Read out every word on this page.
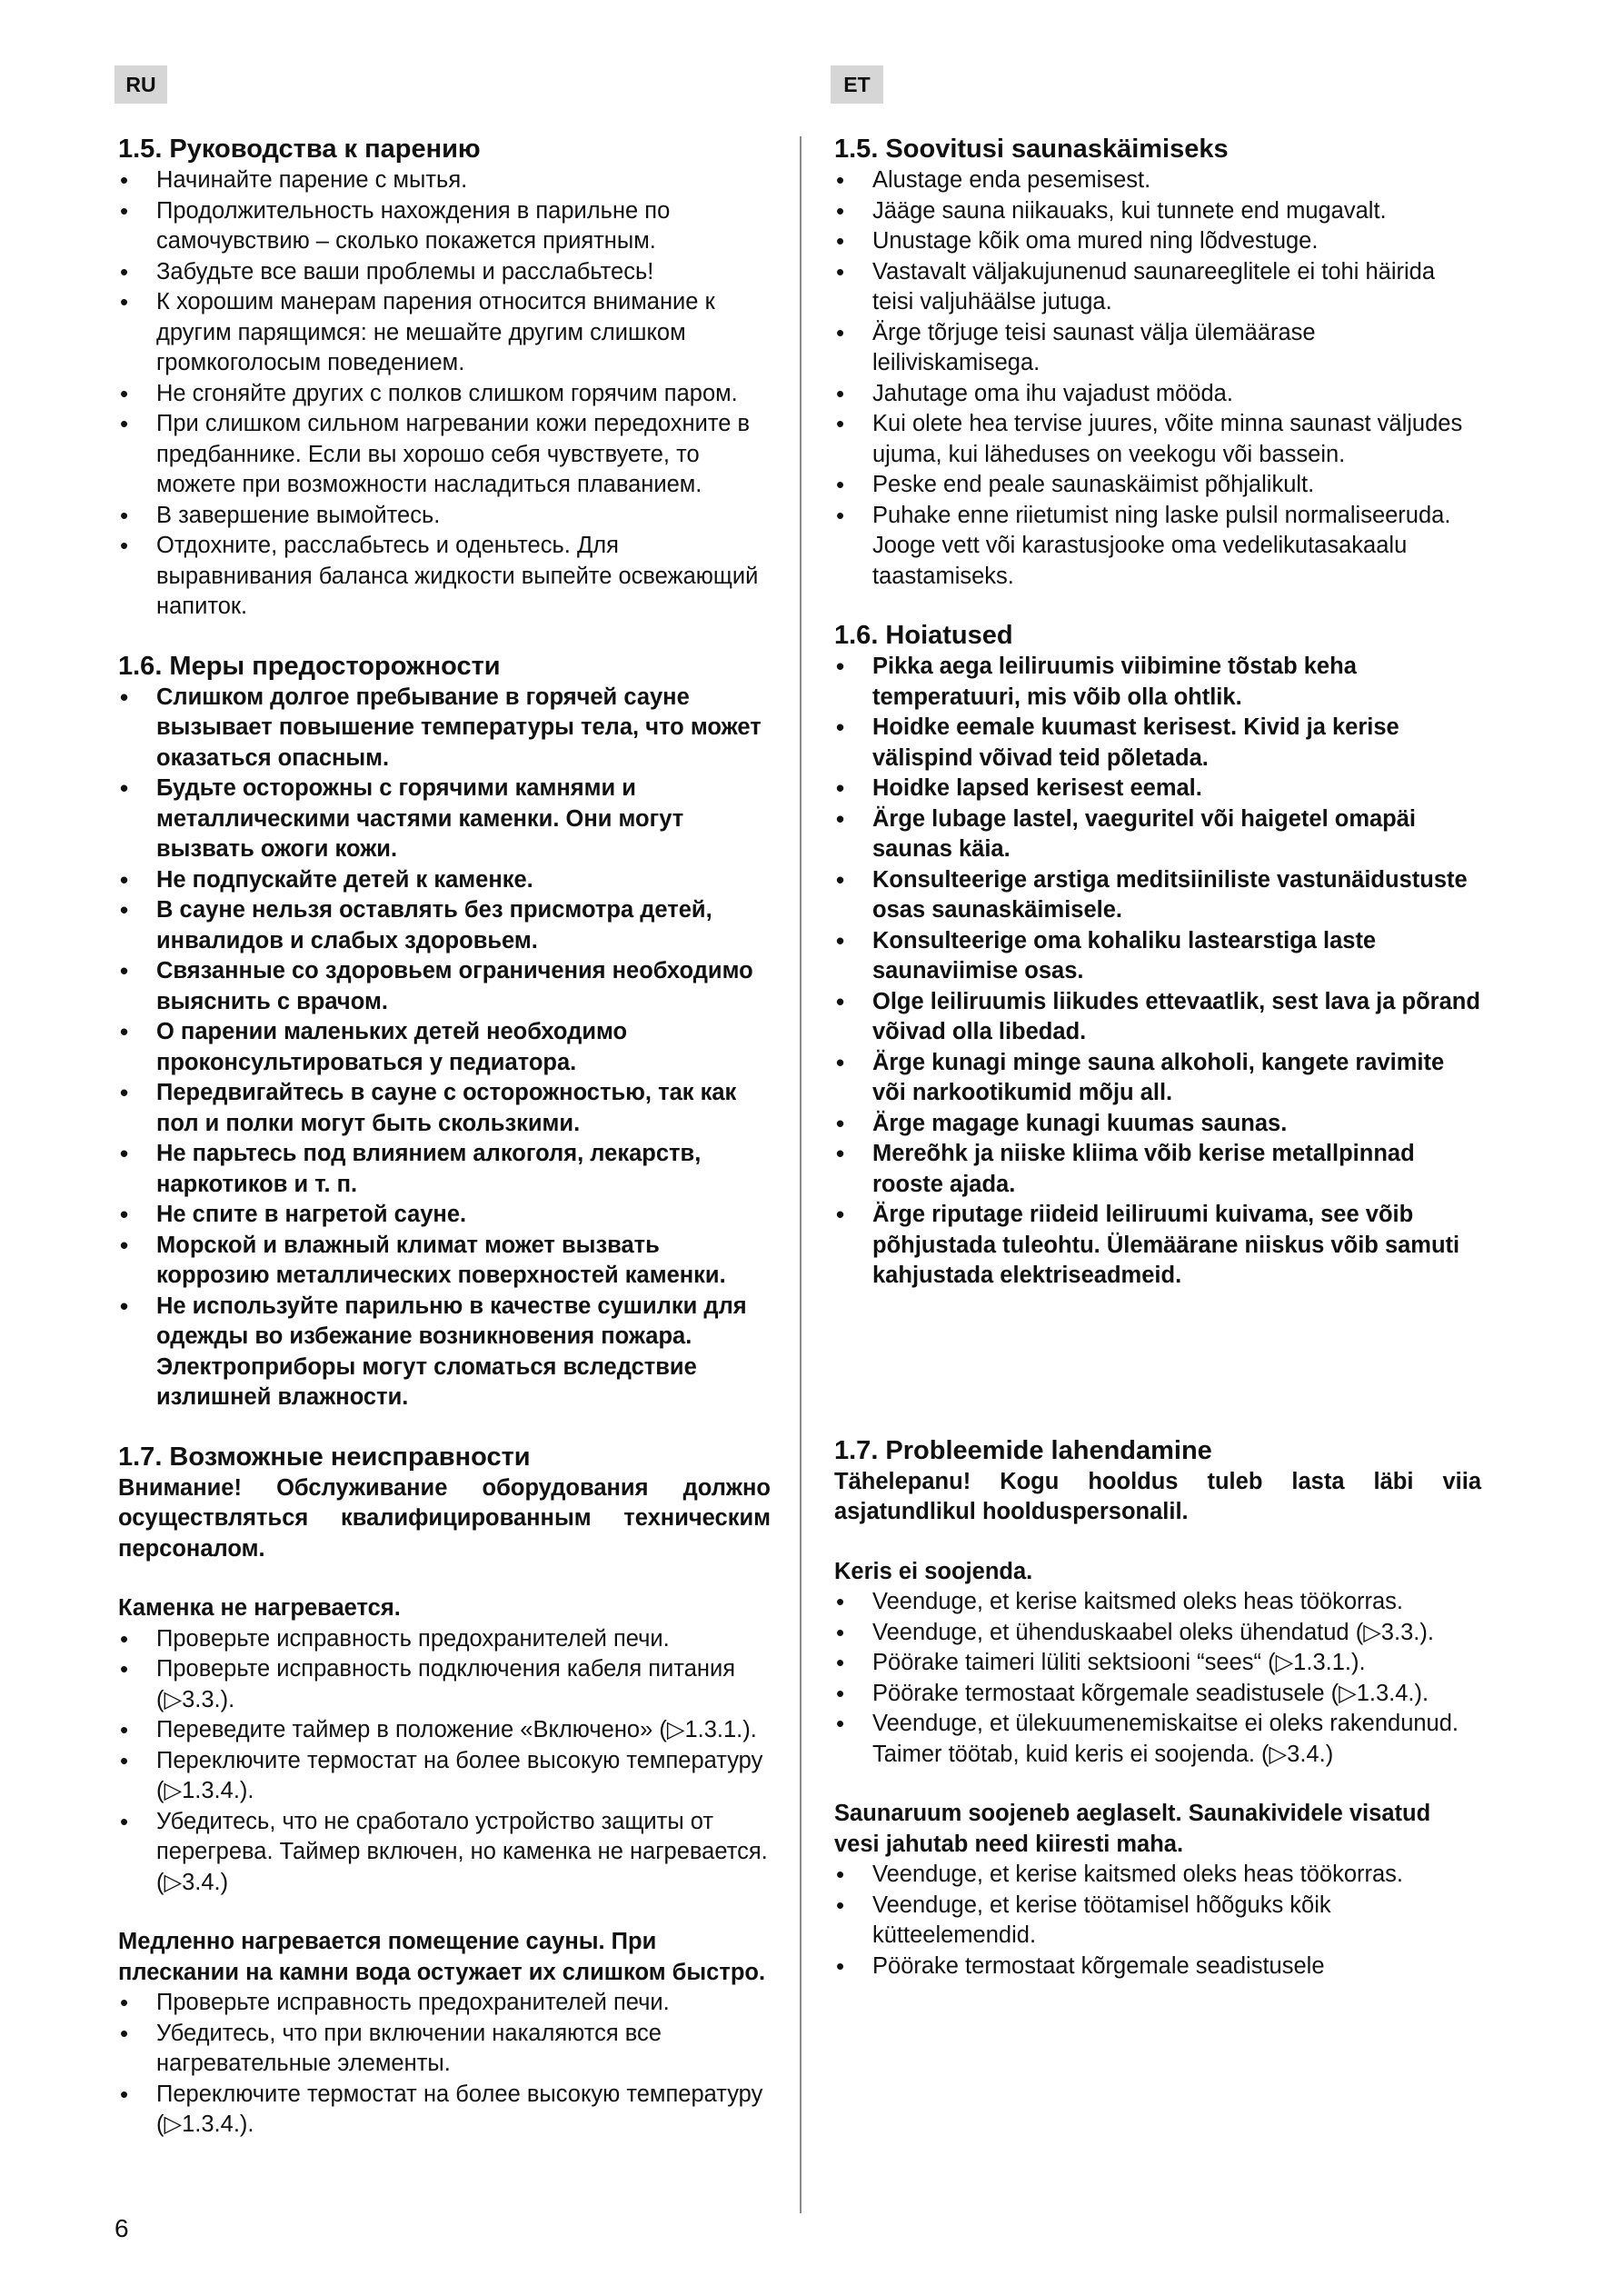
RU	ET
1.5. Руководства к парению
• Начинайте парение с мытья.
• Продолжительность нахождения в парильне по самочувствию – сколько покажется приятным.
• Забудьте все ваши проблемы и расслабьтесь!
• К хорошим манерам парения относится внимание к другим парящимся: не мешайте другим слишком громкоголосым поведением.
• Не сгоняйте других с полков слишком горячим паром.
• При слишком сильном нагревании кожи передохните в предбаннике. Если вы хорошо себя чувствуете, то можете при возможности насладиться плаванием.
• В завершение вымойтесь.
• Отдохните, расслабьтесь и оденьтесь. Для выравнивания баланса жидкости выпейте освежающий напиток.
1.6. Меры предосторожности
• Слишком долгое пребывание в горячей сауне вызывает повышение температуры тела, что может оказаться опасным.
• Будьте осторожны с горячими камнями и металлическими частями каменки. Они могут вызвать ожоги кожи.
• Не подпускайте детей к каменке.
• В сауне нельзя оставлять без присмотра детей, инвалидов и слабых здоровьем.
• Связанные со здоровьем ограничения необходимо выяснить с врачом.
• О парении маленьких детей необходимо проконсультироваться у педиатора.
• Передвигайтесь в сауне с осторожностью, так как пол и полки могут быть скользкими.
• Не парьтесь под влиянием алкоголя, лекарств, наркотиков и т. п.
• Не спите в нагретой сауне.
• Морской и влажный климат может вызвать коррозию металлических поверхностей каменки.
• Не используйте парильню в качестве сушилки для одежды во избежание возникновения пожара. Электроприборы могут сломаться вследствие излишней влажности.
1.7. Возможные неисправности

Внимание! Обслуживание оборудования должно осуществляться квалифицированным техническим персоналом.

Каменка не нагревается.

• Проверьте исправность предохранителей печи.
• Проверьте исправность подключения кабеля питания (▷3.3.).
• Переведите таймер в положение «Включено» (▷1.3.1.).
• Переключите термостат на более высокую температуру (▷1.3.4.).
• Убедитесь, что не сработало устройство защиты от перегрева. Таймер включен, но каменка не нагревается. (▷3.4.)

Медленно нагревается помещение сауны. При плескании на камни вода остужает их слишком быстро.

• Проверьте исправность предохранителей печи.
• Убедитесь, что при включении накаляются все нагревательные элементы.
• Переключите термостат на более высокую температуру (▷1.3.4.).
1.5. Soovitusi saunaskäimiseks
• Alustage enda pesemisest.
• Jääge sauna niikauaks, kui tunnete end mugavalt.
• Unustage kõik oma mured ning lõdvestuge.
• Vastavalt väljakujunenud saunareeglitele ei tohi häirida teisi valjuhäälse jutuga.
• Ärge tõrjuge teisi saunast välja ülemäärase leiliviskamisega.
• Jahutage oma ihu vajadust mööda.
• Kui olete hea tervise juures, võite minna saunast väljudes ujuma, kui läheduses on veekogu või bassein.
• Peske end peale saunaskäimist põhjalikult.
• Puhake enne riietumist ning laske pulsil normaliseeruda. Jooge vett või karastusjooke oma vedelikutasakaalu taastamiseks.
1.6. Hoiatused
• Pikka aega leiliruumis viibimine tõstab keha temperatuuri, mis võib olla ohtlik.
• Hoidke eemale kuumast kerisest. Kivid ja kerise välispind võivad teid põletada.
• Hoidke lapsed kerisest eemal.
• Ärge lubage lastel, vaeguritel või haigetel omapäi saunas käia.
• Konsulteerige arstiga meditsiiniliste vastunäidustuste osas saunaskäimisele.
• Konsulteerige oma kohaliku lastearstiga laste saunaviimise osas.
• Olge leiliruumis liikudes ettevaatlik, sest lava ja põrand võivad olla libedad.
• Ärge kunagi minge sauna alkoholi, kangete ravimite või narkootikumid mõju all.
• Ärge magage kunagi kuumas saunas.
• Mereõhk ja niiske kliima võib kerise metallpinnad rooste ajada.
• Ärge riputage riideid leiliruumi kuivama, see võib põhjustada tuleohtu. Ülemäärane niiskus võib samuti kahjustada elektriseadmeid.
1.7. Probleemide lahendamine

Tähelepanu! Kogu hooldus tuleb lasta läbi viia asjatundlikul hoolduspersonalil.

Keris ei soojenda.

• Veenduge, et kerise kaitsmed oleks heas töökorras.
• Veenduge, et ühenduskaabel oleks ühendatud (▷3.3.).
• Pöörake taimeri lüliti sektsiooni “sees“ (▷1.3.1.).
• Pöörake termostaat kõrgemale seadistusele (▷1.3.4.).
• Veenduge, et ülekuumenemiskaitse ei oleks rakendunud. Taimer töötab, kuid keris ei soojenda. (▷3.4.)

Saunaruum soojeneb aeglaselt. Saunakividele visatud vesi jahutab need kiiresti maha.

• Veenduge, et kerise kaitsmed oleks heas töökorras.
• Veenduge, et kerise töötamisel hõõguks kõik kütteelemendid.
• Pöörake termostaat kõrgemale seadistusele
6
